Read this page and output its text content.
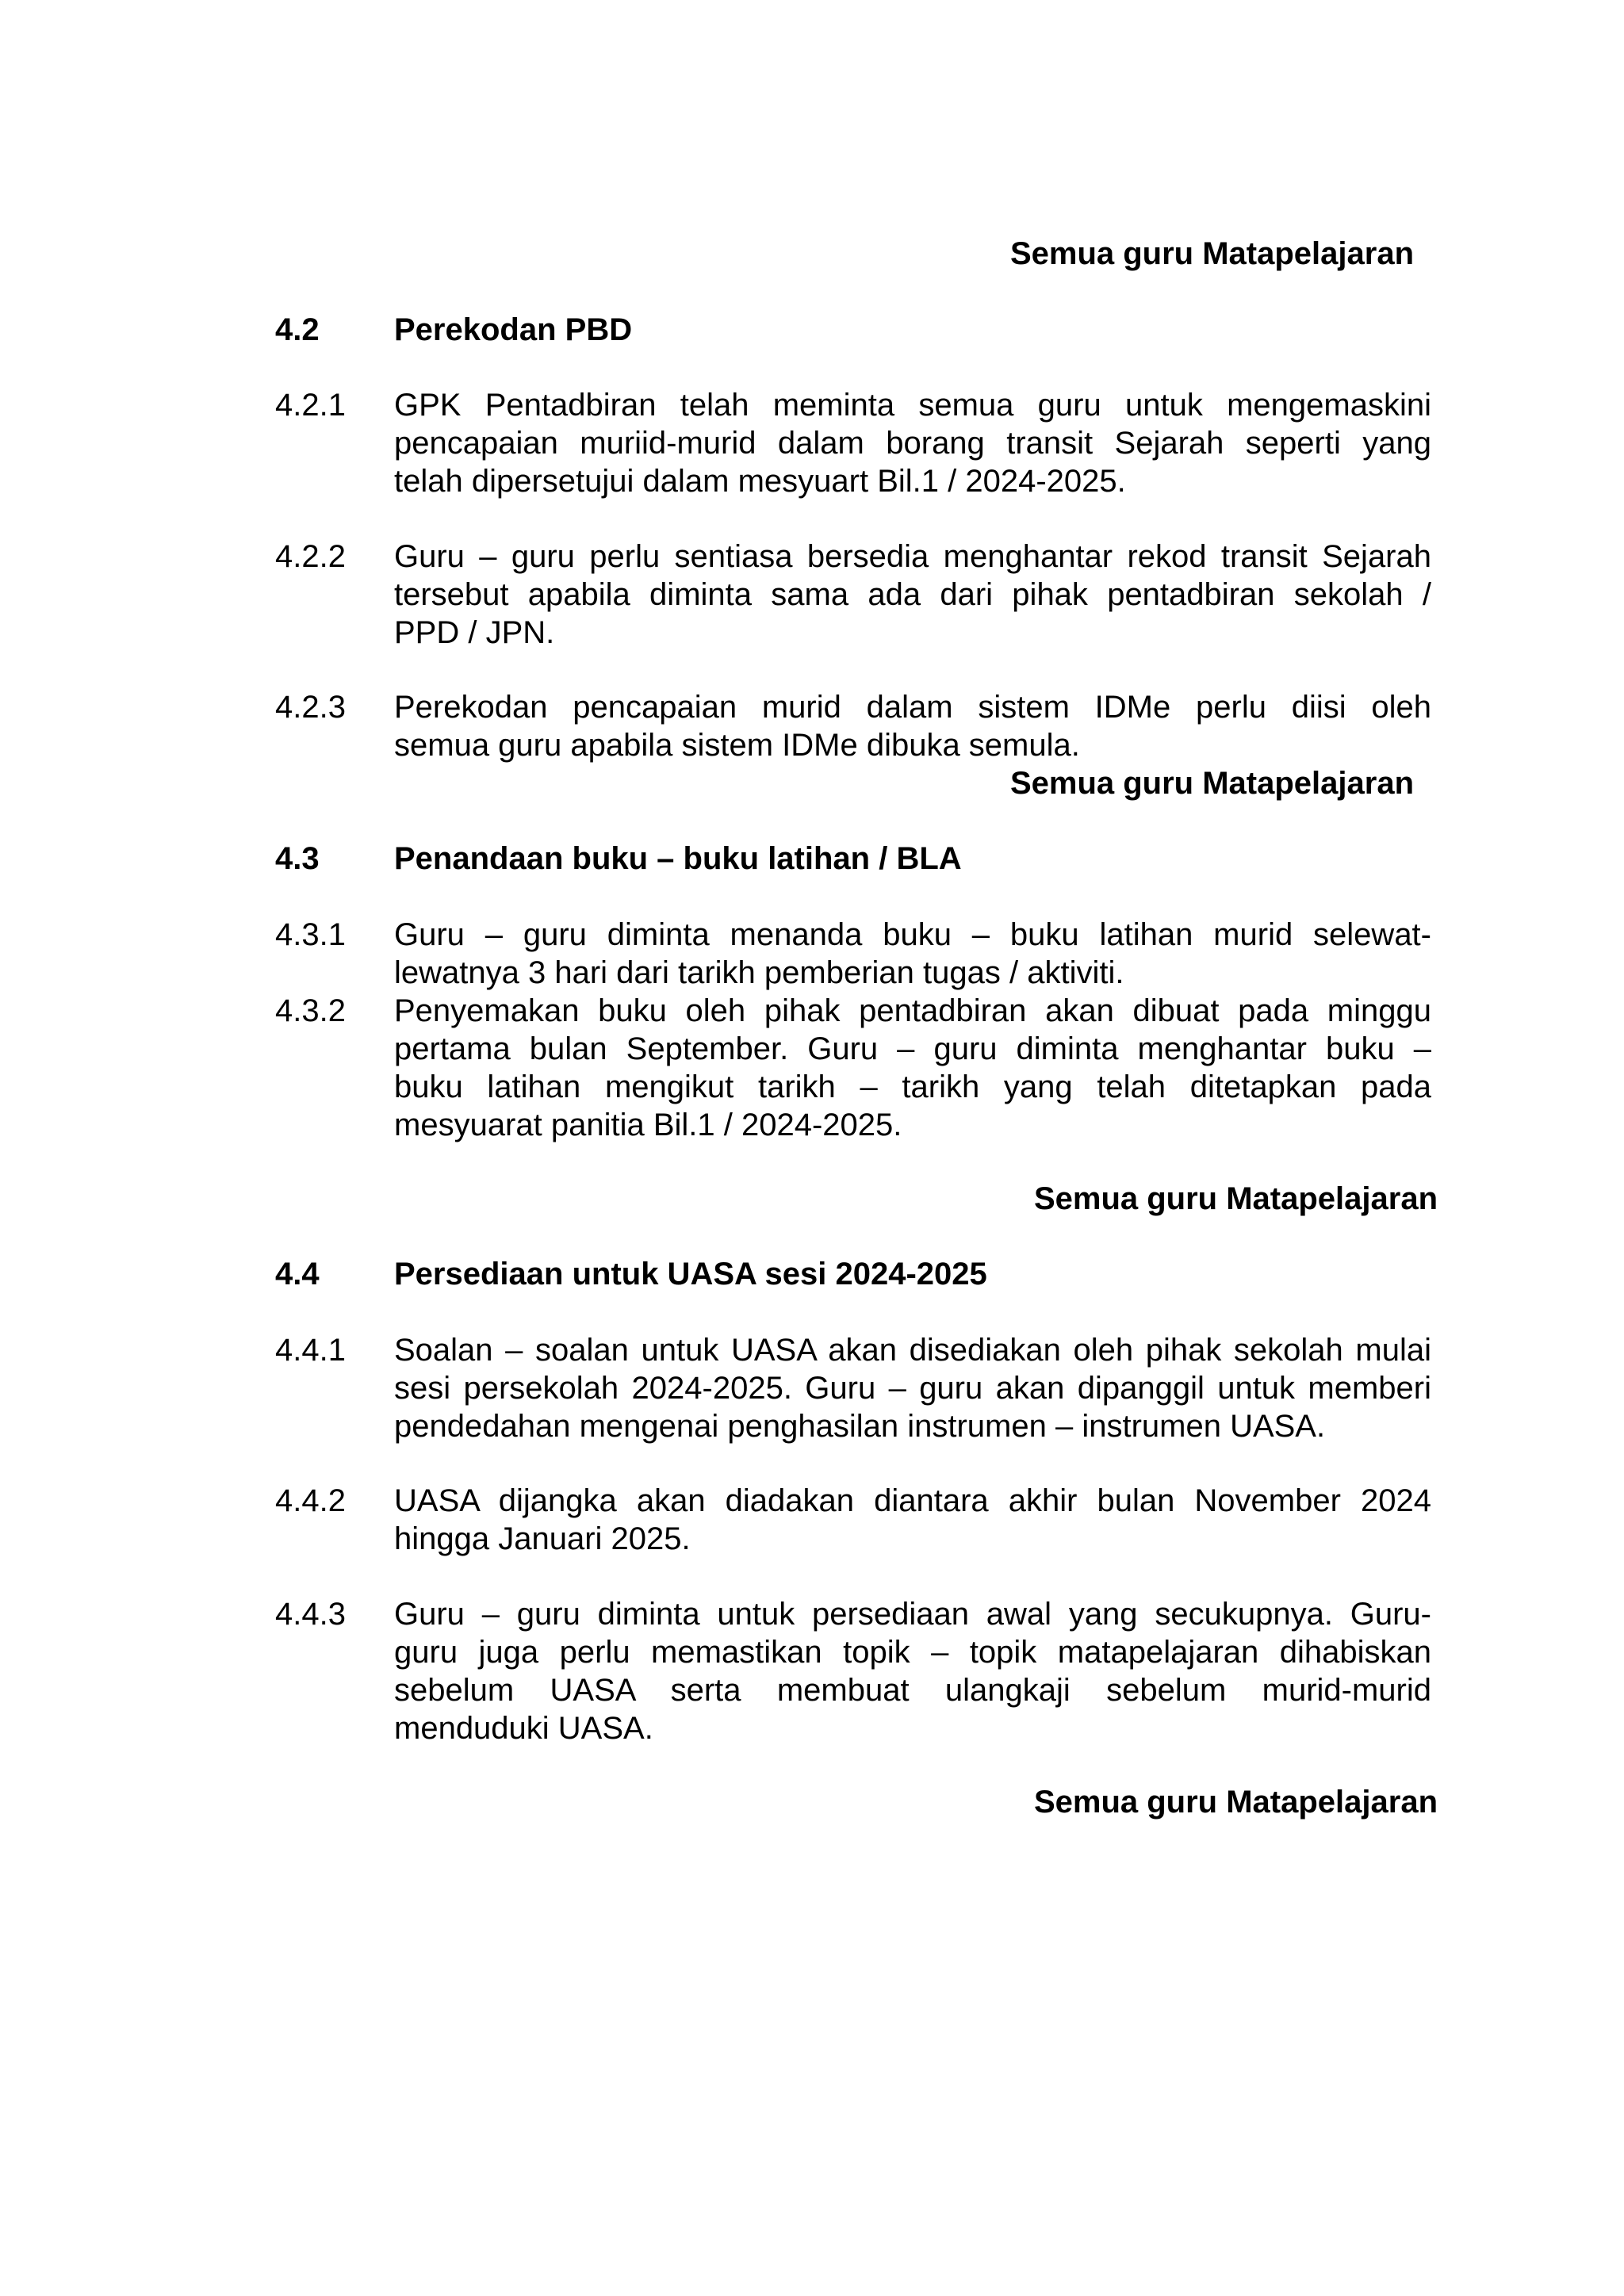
Semua guru Matapelajaran
4.2 Perekodan PBD
4.2.1 GPK Pentadbiran telah meminta semua guru untuk mengemaskini
pencapaian muriid-murid dalam borang transit Sejarah seperti yang
telah dipersetujui dalam mesyuart Bil.1 / 2024-2025.
4.2.2 Guru – guru perlu sentiasa bersedia menghantar rekod transit Sejarah
tersebut apabila diminta sama ada dari pihak pentadbiran sekolah /
PPD / JPN.
4.2.3 Perekodan pencapaian murid dalam sistem IDMe perlu diisi oleh
semua guru apabila sistem IDMe dibuka semula.
Semua guru Matapelajaran
4.3 Penandaan buku – buku latihan / BLA
4.3.1 Guru – guru diminta menanda buku – buku latihan murid selewat-
lewatnya 3 hari dari tarikh pemberian tugas / aktiviti.
4.3.2 Penyemakan buku oleh pihak pentadbiran akan dibuat pada minggu
pertama bulan September. Guru – guru diminta menghantar buku –
buku latihan mengikut tarikh – tarikh yang telah ditetapkan pada
mesyuarat panitia Bil.1 / 2024-2025.
Semua guru Matapelajaran
4.4 Persediaan untuk UASA sesi 2024-2025
4.4.1 Soalan – soalan untuk UASA akan disediakan oleh pihak sekolah mulai
sesi persekolah 2024-2025. Guru – guru akan dipanggil untuk memberi
pendedahan mengenai penghasilan instrumen – instrumen UASA.
4.4.2 UASA dijangka akan diadakan diantara akhir bulan November 2024
hingga Januari 2025.
4.4.3 Guru – guru diminta untuk persediaan awal yang secukupnya. Guru-
guru juga perlu memastikan topik – topik matapelajaran dihabiskan
sebelum UASA serta membuat ulangkaji sebelum murid-murid
menduduki UASA.
Semua guru Matapelajaran
